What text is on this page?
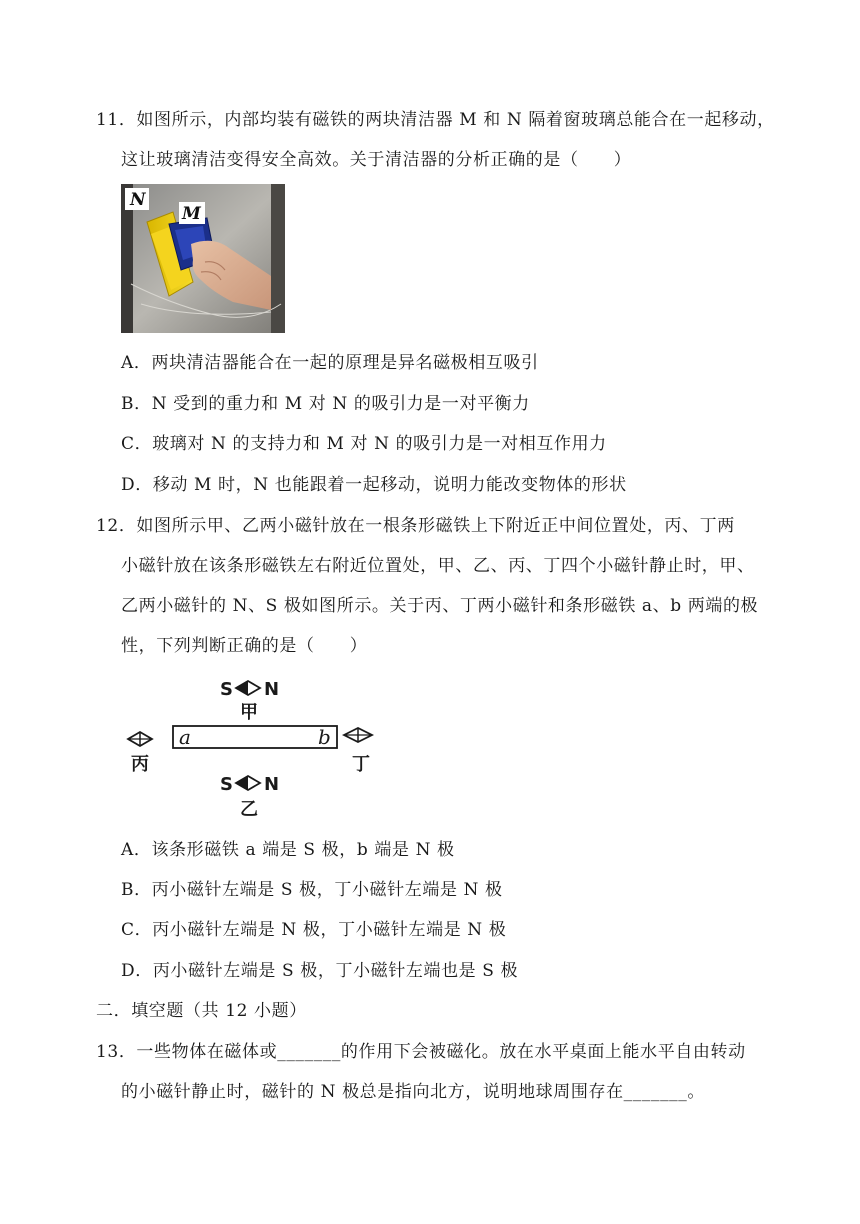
11．如图所示，内部均装有磁铁的两块清洁器 M 和 N 隔着窗玻璃总能合在一起移动，
这让玻璃清洁变得安全高效。关于清洁器的分析正确的是（　　）
N
M
A．两块清洁器能合在一起的原理是异名磁极相互吸引
B．N 受到的重力和 M 对 N 的吸引力是一对平衡力
C．玻璃对 N 的支持力和 M 对 N 的吸引力是一对相互作用力
D．移动 M 时，N 也能跟着一起移动，说明力能改变物体的形状
12．如图所示甲、乙两小磁针放在一根条形磁铁上下附近正中间位置处，丙、丁两
小磁针放在该条形磁铁左右附近位置处，甲、乙、丙、丁四个小磁针静止时，甲、
乙两小磁针的 N、S 极如图所示。关于丙、丁两小磁针和条形磁铁 a、b 两端的极
性，下列判断正确的是（　　）
S N
甲
a	b
丙	丁
S N
乙
A．该条形磁铁 a 端是 S 极，b 端是 N 极
B．丙小磁针左端是 S 极，丁小磁针左端是 N 极
C．丙小磁针左端是 N 极，丁小磁针左端是 N 极
D．丙小磁针左端是 S 极，丁小磁针左端也是 S 极
二．填空题（共 12 小题）
13．一些物体在磁体或_______的作用下会被磁化。放在水平桌面上能水平自由转动
的小磁针静止时，磁针的 N 极总是指向北方，说明地球周围存在_______。
